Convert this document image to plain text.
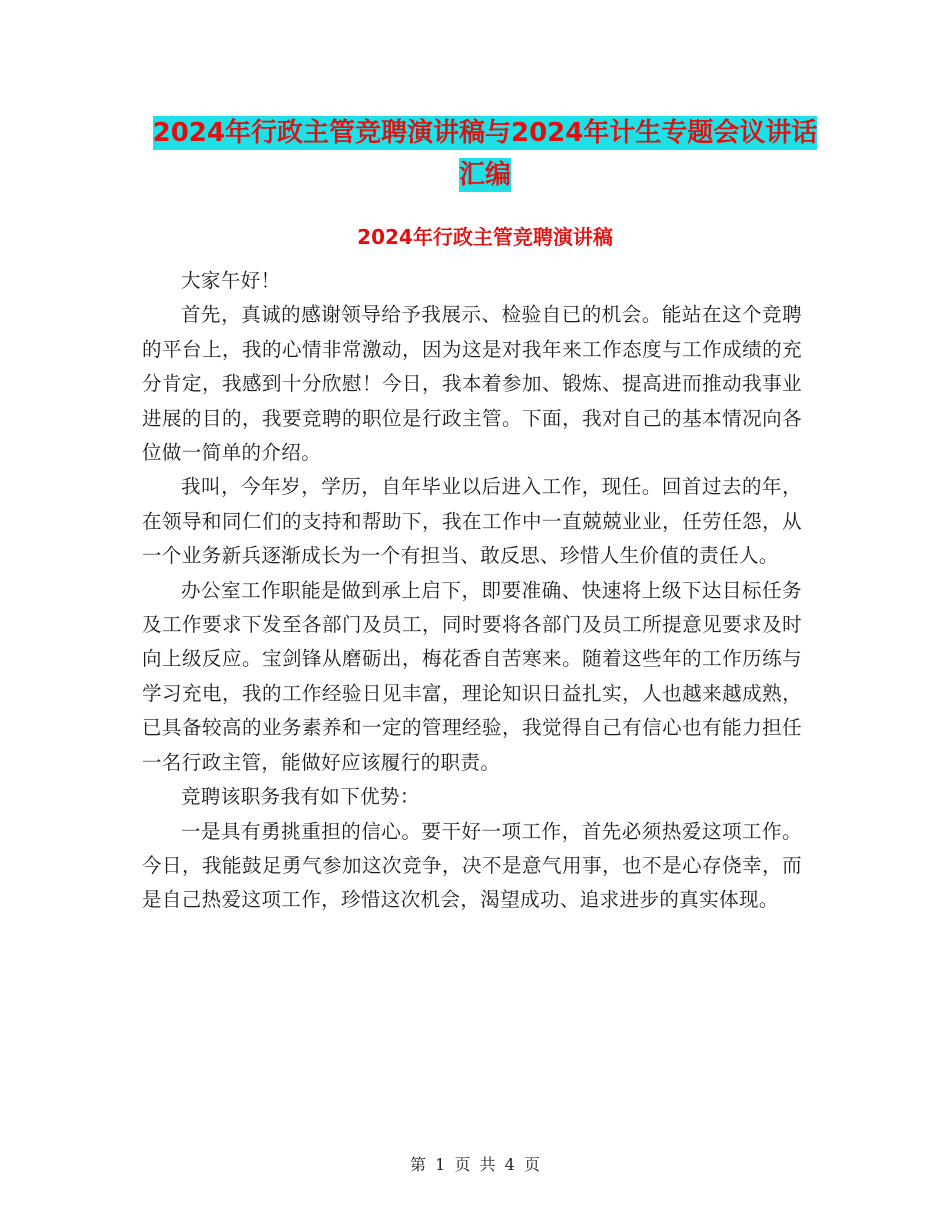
2024年行政主管竞聘演讲稿与2024年计生专题会议讲话汇编
2024年行政主管竞聘演讲稿

大家午好！

首先，真诚的感谢领导给予我展示、检验自已的机会。能站在这个竞聘的平台上，我的心情非常激动，因为这是对我年来工作态度与工作成绩的充分肯定，我感到十分欣慰！今日，我本着参加、锻炼、提高进而推动我事业进展的目的，我要竞聘的职位是行政主管。下面，我对自己的基本情况向各位做一简单的介绍。

我叫，今年岁，学历，自年毕业以后进入工作，现任。回首过去的年，在领导和同仁们的支持和帮助下，我在工作中一直兢兢业业，任劳任怨，从一个业务新兵逐渐成长为一个有担当、敢反思、珍惜人生价值的责任人。

办公室工作职能是做到承上启下，即要准确、快速将上级下达目标任务及工作要求下发至各部门及员工，同时要将各部门及员工所提意见要求及时向上级反应。宝剑锋从磨砺出，梅花香自苦寒来。随着这些年的工作历练与学习充电，我的工作经验日见丰富，理论知识日益扎实，人也越来越成熟，已具备较高的业务素养和一定的管理经验，我觉得自己有信心也有能力担任一名行政主管，能做好应该履行的职责。

竞聘该职务我有如下优势：

一是具有勇挑重担的信心。要干好一项工作，首先必须热爱这项工作。今日，我能鼓足勇气参加这次竞争，决不是意气用事，也不是心存侥幸，而是自己热爱这项工作，珍惜这次机会，渴望成功、追求进步的真实体现。

第 1 页 共 4 页
